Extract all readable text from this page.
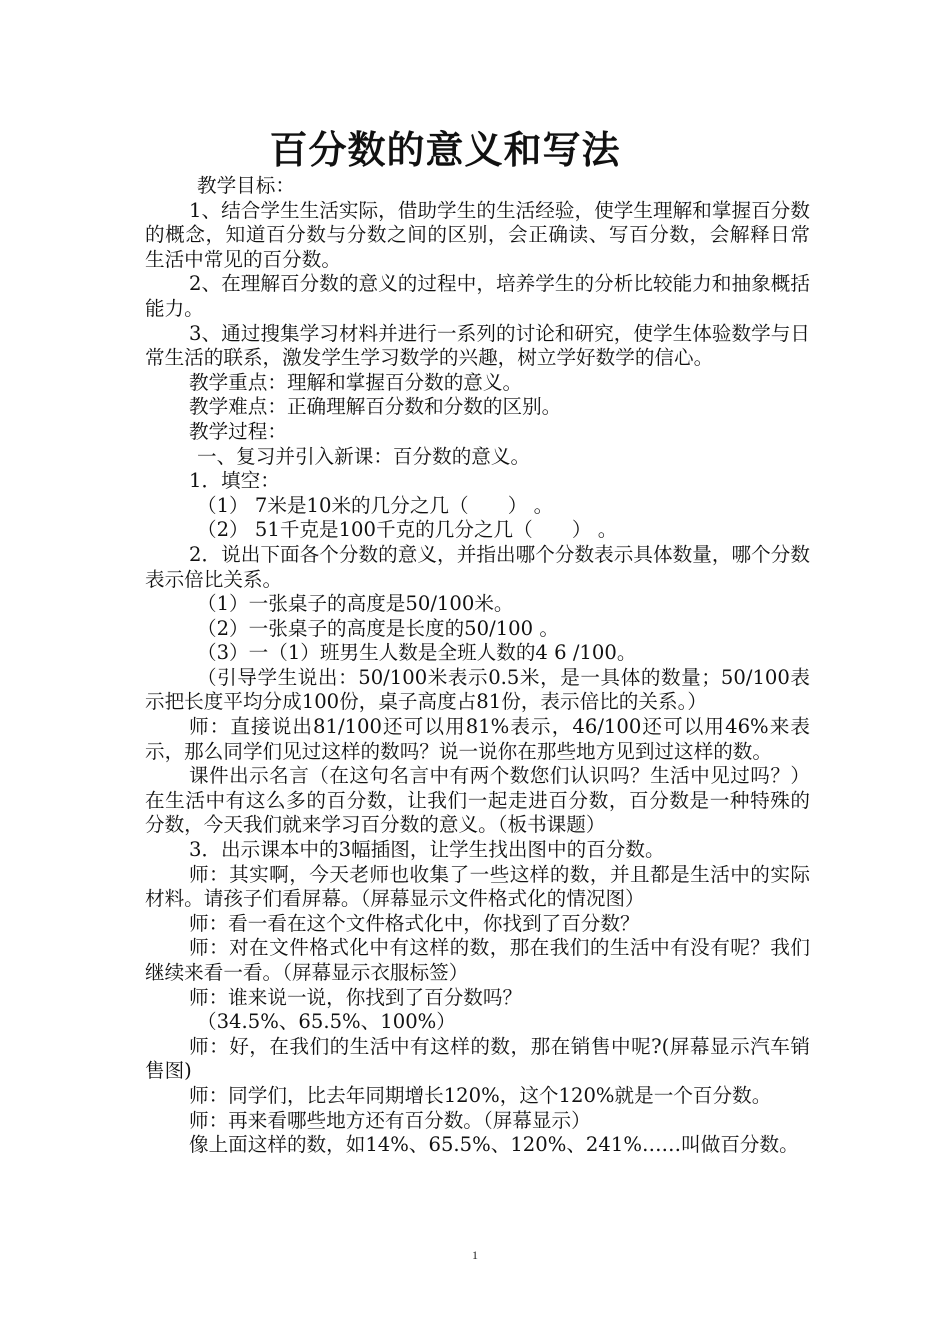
百分数的意义和写法

教学目标：

1、结合学生生活实际，借助学生的生活经验，使学生理解和掌握百分数的概念，知道百分数与分数之间的区别，会正确读、写百分数，会解释日常生活中常见的百分数。

2、在理解百分数的意义的过程中，培养学生的分析比较能力和抽象概括能力。

3、通过搜集学习材料并进行一系列的讨论和研究，使学生体验数学与日常生活的联系，激发学生学习数学的兴趣，树立学好数学的信心。

教学重点：理解和掌握百分数的意义。

教学难点：正确理解百分数和分数的区别。

教学过程：

一、复习并引入新课：百分数的意义。

1．填空：

（1） 7米是10米的几分之几（　　） 。

（2） 51千克是100千克的几分之几（　　） 。

2．说出下面各个分数的意义，并指出哪个分数表示具体数量，哪个分数表示倍比关系。

（1）一张桌子的高度是50/100米。

（2）一张桌子的高度是长度的50/100 。

（3）一（1）班男生人数是全班人数的4 6 /100。

（引导学生说出：50/100米表示0.5米，是一具体的数量；50/100表示把长度平均分成100份，桌子高度占81份，表示倍比的关系。）

师：直接说出81/100还可以用81%表示，46/100还可以用46%来表示，那么同学们见过这样的数吗？说一说你在那些地方见到过这样的数。

课件出示名言（在这句名言中有两个数您们认识吗？生活中见过吗？）在生活中有这么多的百分数，让我们一起走进百分数，百分数是一种特殊的分数，今天我们就来学习百分数的意义。（板书课题）

3．出示课本中的3幅插图，让学生找出图中的百分数。

师：其实啊，今天老师也收集了一些这样的数，并且都是生活中的实际材料。请孩子们看屏幕。（屏幕显示文件格式化的情况图）

师：看一看在这个文件格式化中，你找到了百分数？

师：对在文件格式化中有这样的数，那在我们的生活中有没有呢？我们继续来看一看。（屏幕显示衣服标签）

师：谁来说一说，你找到了百分数吗？

（34.5%、65.5%、100%）

师：好，在我们的生活中有这样的数，那在销售中呢?(屏幕显示汽车销售图)

师：同学们，比去年同期增长120%，这个120%就是一个百分数。

师：再来看哪些地方还有百分数。（屏幕显示）

像上面这样的数，如14%、65.5%、120%、241%……叫做百分数。

1
